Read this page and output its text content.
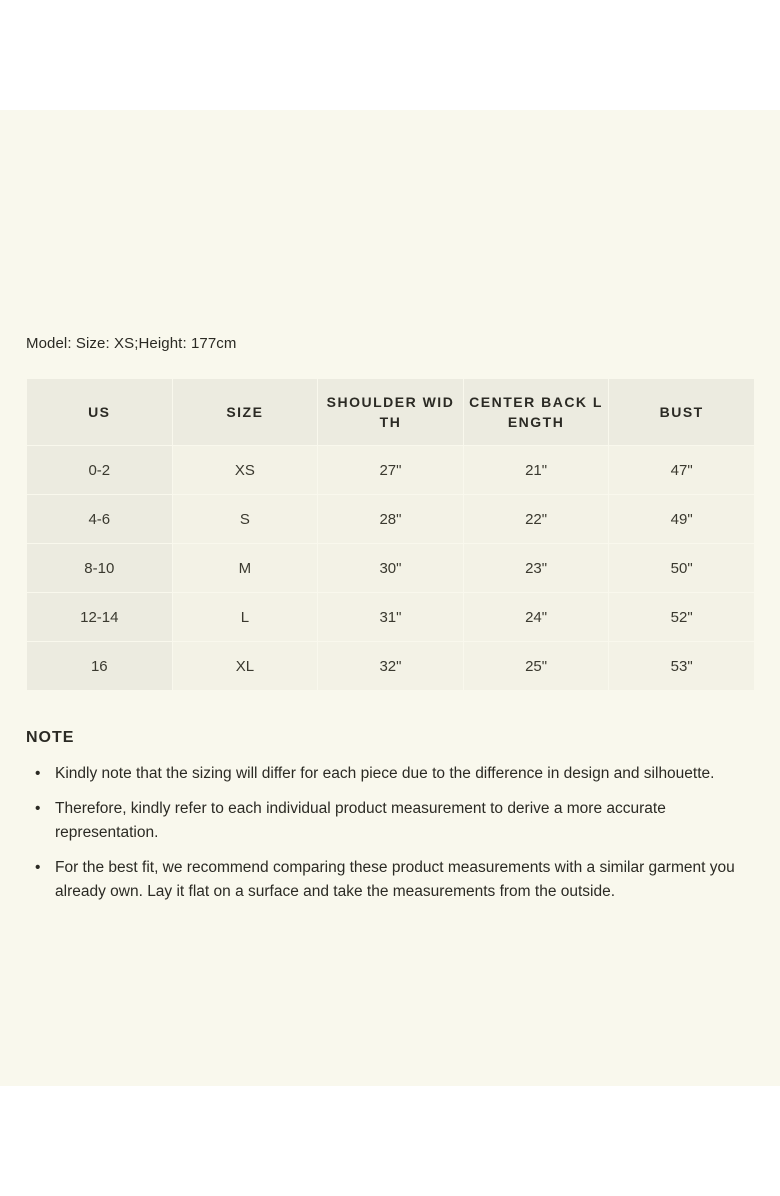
Model: Size: XS;Height: 177cm
US	SIZE	SHOULDER WIDTH	CENTER BACK LENGTH	BUST
0-2	XS	27"	21"	47"
4-6	S	28"	22"	49"
8-10	M	30"	23"	50"
12-14	L	31"	24"	52"
16	XL	32"	25"	53"
NOTE
• Kindly note that the sizing will differ for each piece due to the difference in design and silhouette.
• Therefore, kindly refer to each individual product measurement to derive a more accurate representation.
• For the best fit, we recommend comparing these product measurements with a similar garment you already own. Lay it flat on a surface and take the measurements from the outside.
